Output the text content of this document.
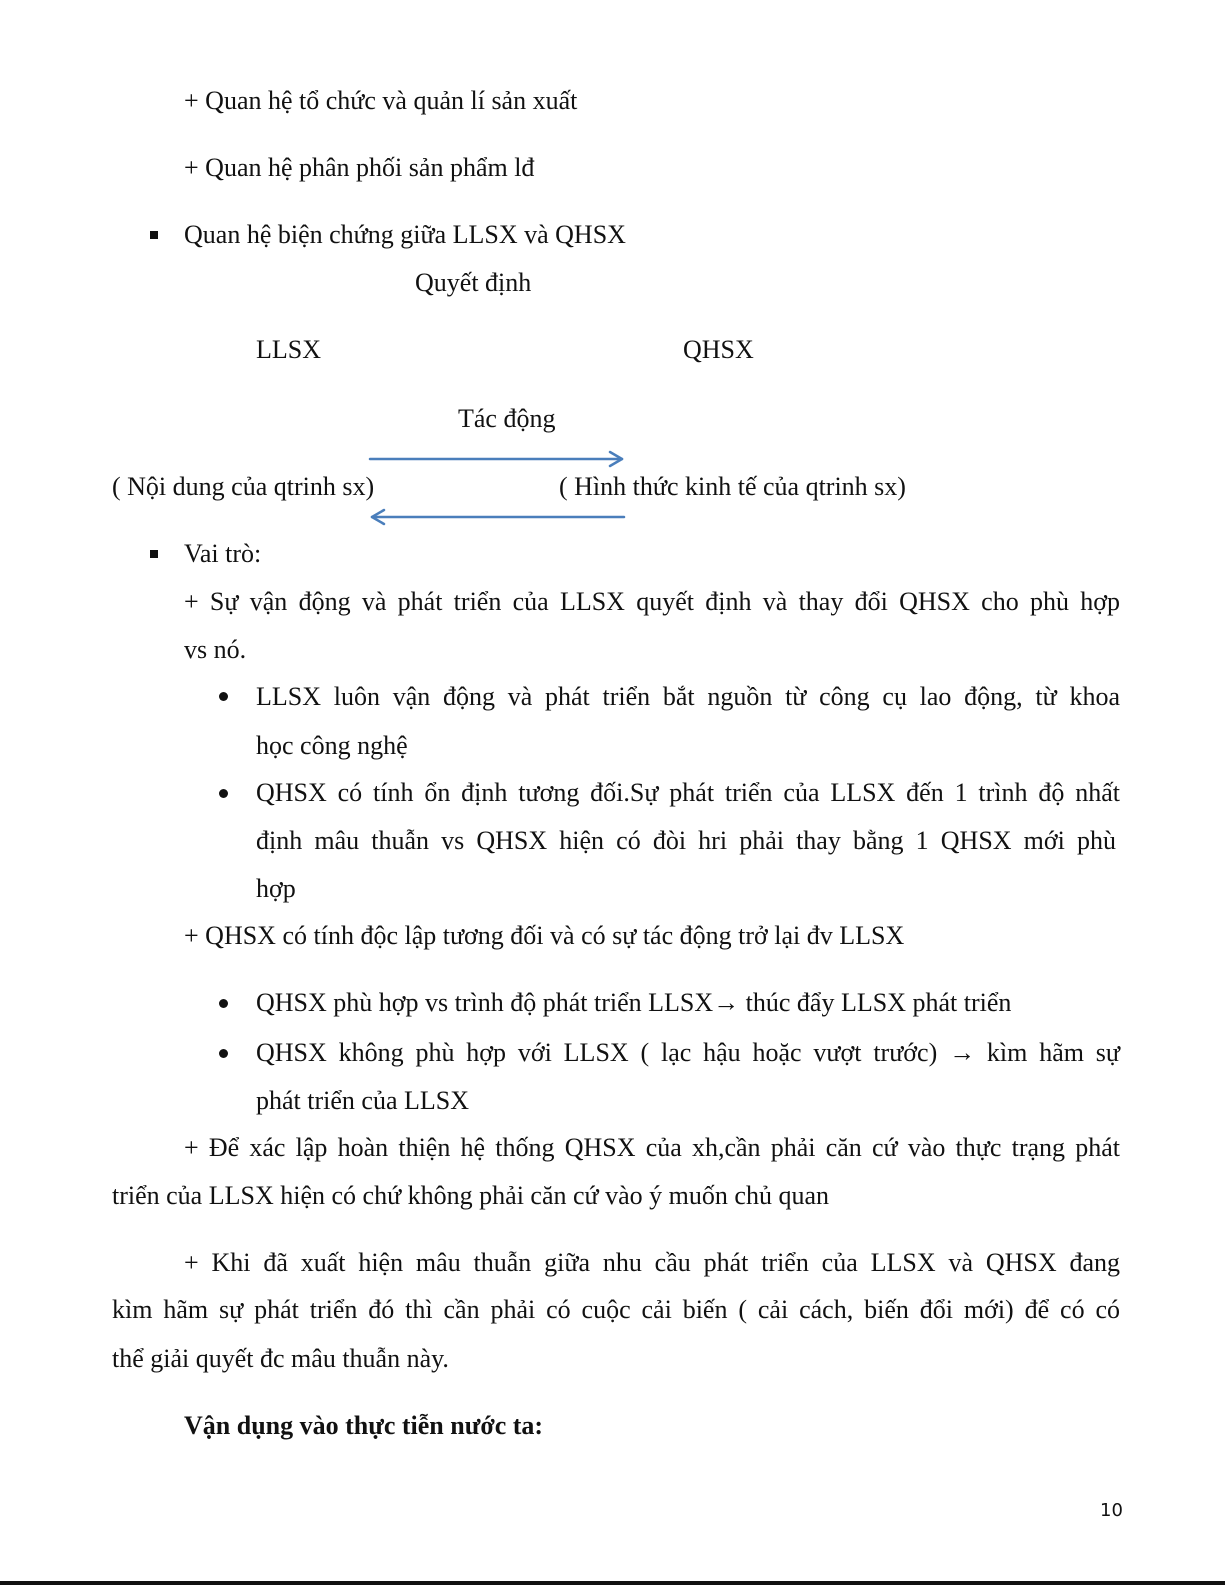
+ Quan hệ tổ chức và quản lí sản xuất
+ Quan hệ phân phối sản phẩm lđ
Quan hệ biện chứng giữa LLSX và QHSX
Quyết định
LLSX	QHSX
Tác động
( Nội dung của qtrinh sx)	( Hình thức kinh tế của qtrinh sx)
Vai trò:
+ Sự vận động và phát triển của LLSX quyết định và thay đổi QHSX cho phù hợp
vs nó.
LLSX luôn vận động và phát triển bắt nguồn từ công cụ lao động, từ khoa
học công nghệ
QHSX có tính ổn định tương đối.Sự phát triển của LLSX đến 1 trình độ nhất
định mâu thuẫn vs QHSX hiện có đòi hri phải thay bằng 1 QHSX mới phù
hợp
+ QHSX có tính độc lập tương đối và có sự tác động trở lại đv LLSX
QHSX phù hợp vs trình độ phát triển LLSX→ thúc đẩy LLSX phát triển
QHSX không phù hợp với LLSX ( lạc hậu hoặc vượt trước) → kìm hãm sự
phát triển của LLSX
+ Để xác lập hoàn thiện hệ thống QHSX của xh,cần phải căn cứ vào thực trạng phát
triển của LLSX hiện có chứ không phải căn cứ vào ý muốn chủ quan
+ Khi đã xuất hiện mâu thuẫn giữa nhu cầu phát triển của LLSX và QHSX đang
kìm hãm sự phát triển đó thì cần phải có cuộc cải biến ( cải cách, biến đổi mới) để có có
thể giải quyết đc mâu thuẫn này.
Vận dụng vào thực tiễn nước ta:
10
